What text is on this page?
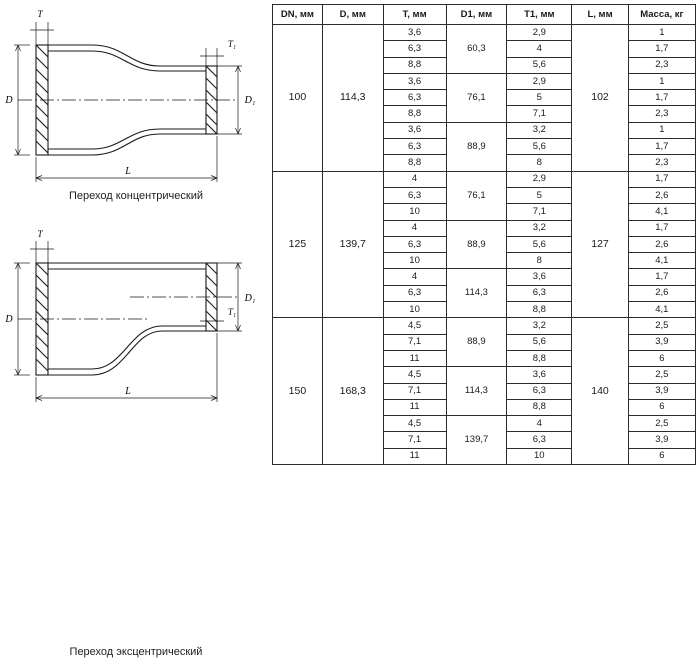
T
T₁
D	D₁
L
Переход концентрический
T
T₁
D
D₁
L
Переход эксцентрический
DN, мм	D, мм	T, мм	D1, мм	T1, мм	L, мм	Масса, кг
100	114,3	3,6	60,3	2,9	102	1
		6,3		4		1,7
		8,8		5,6		2,3
		3,6	76,1	2,9		1
		6,3		5		1,7
		8,8		7,1		2,3
		3,6	88,9	3,2		1
		6,3		5,6		1,7
		8,8		8		2,3
125	139,7	4	76,1	2,9	127	1,7
		6,3		5		2,6
		10		7,1		4,1
		4	88,9	3,2		1,7
		6,3		5,6		2,6
		10		8		4,1
		4	114,3	3,6		1,7
		6,3		6,3		2,6
		10		8,8		4,1
150	168,3	4,5	88,9	3,2	140	2,5
		7,1		5,6		3,9
		11		8,8		6
		4,5	114,3	3,6		2,5
		7,1		6,3		3,9
		11		8,8		6
		4,5	139,7	4		2,5
		7,1		6,3		3,9
		11		10		6
